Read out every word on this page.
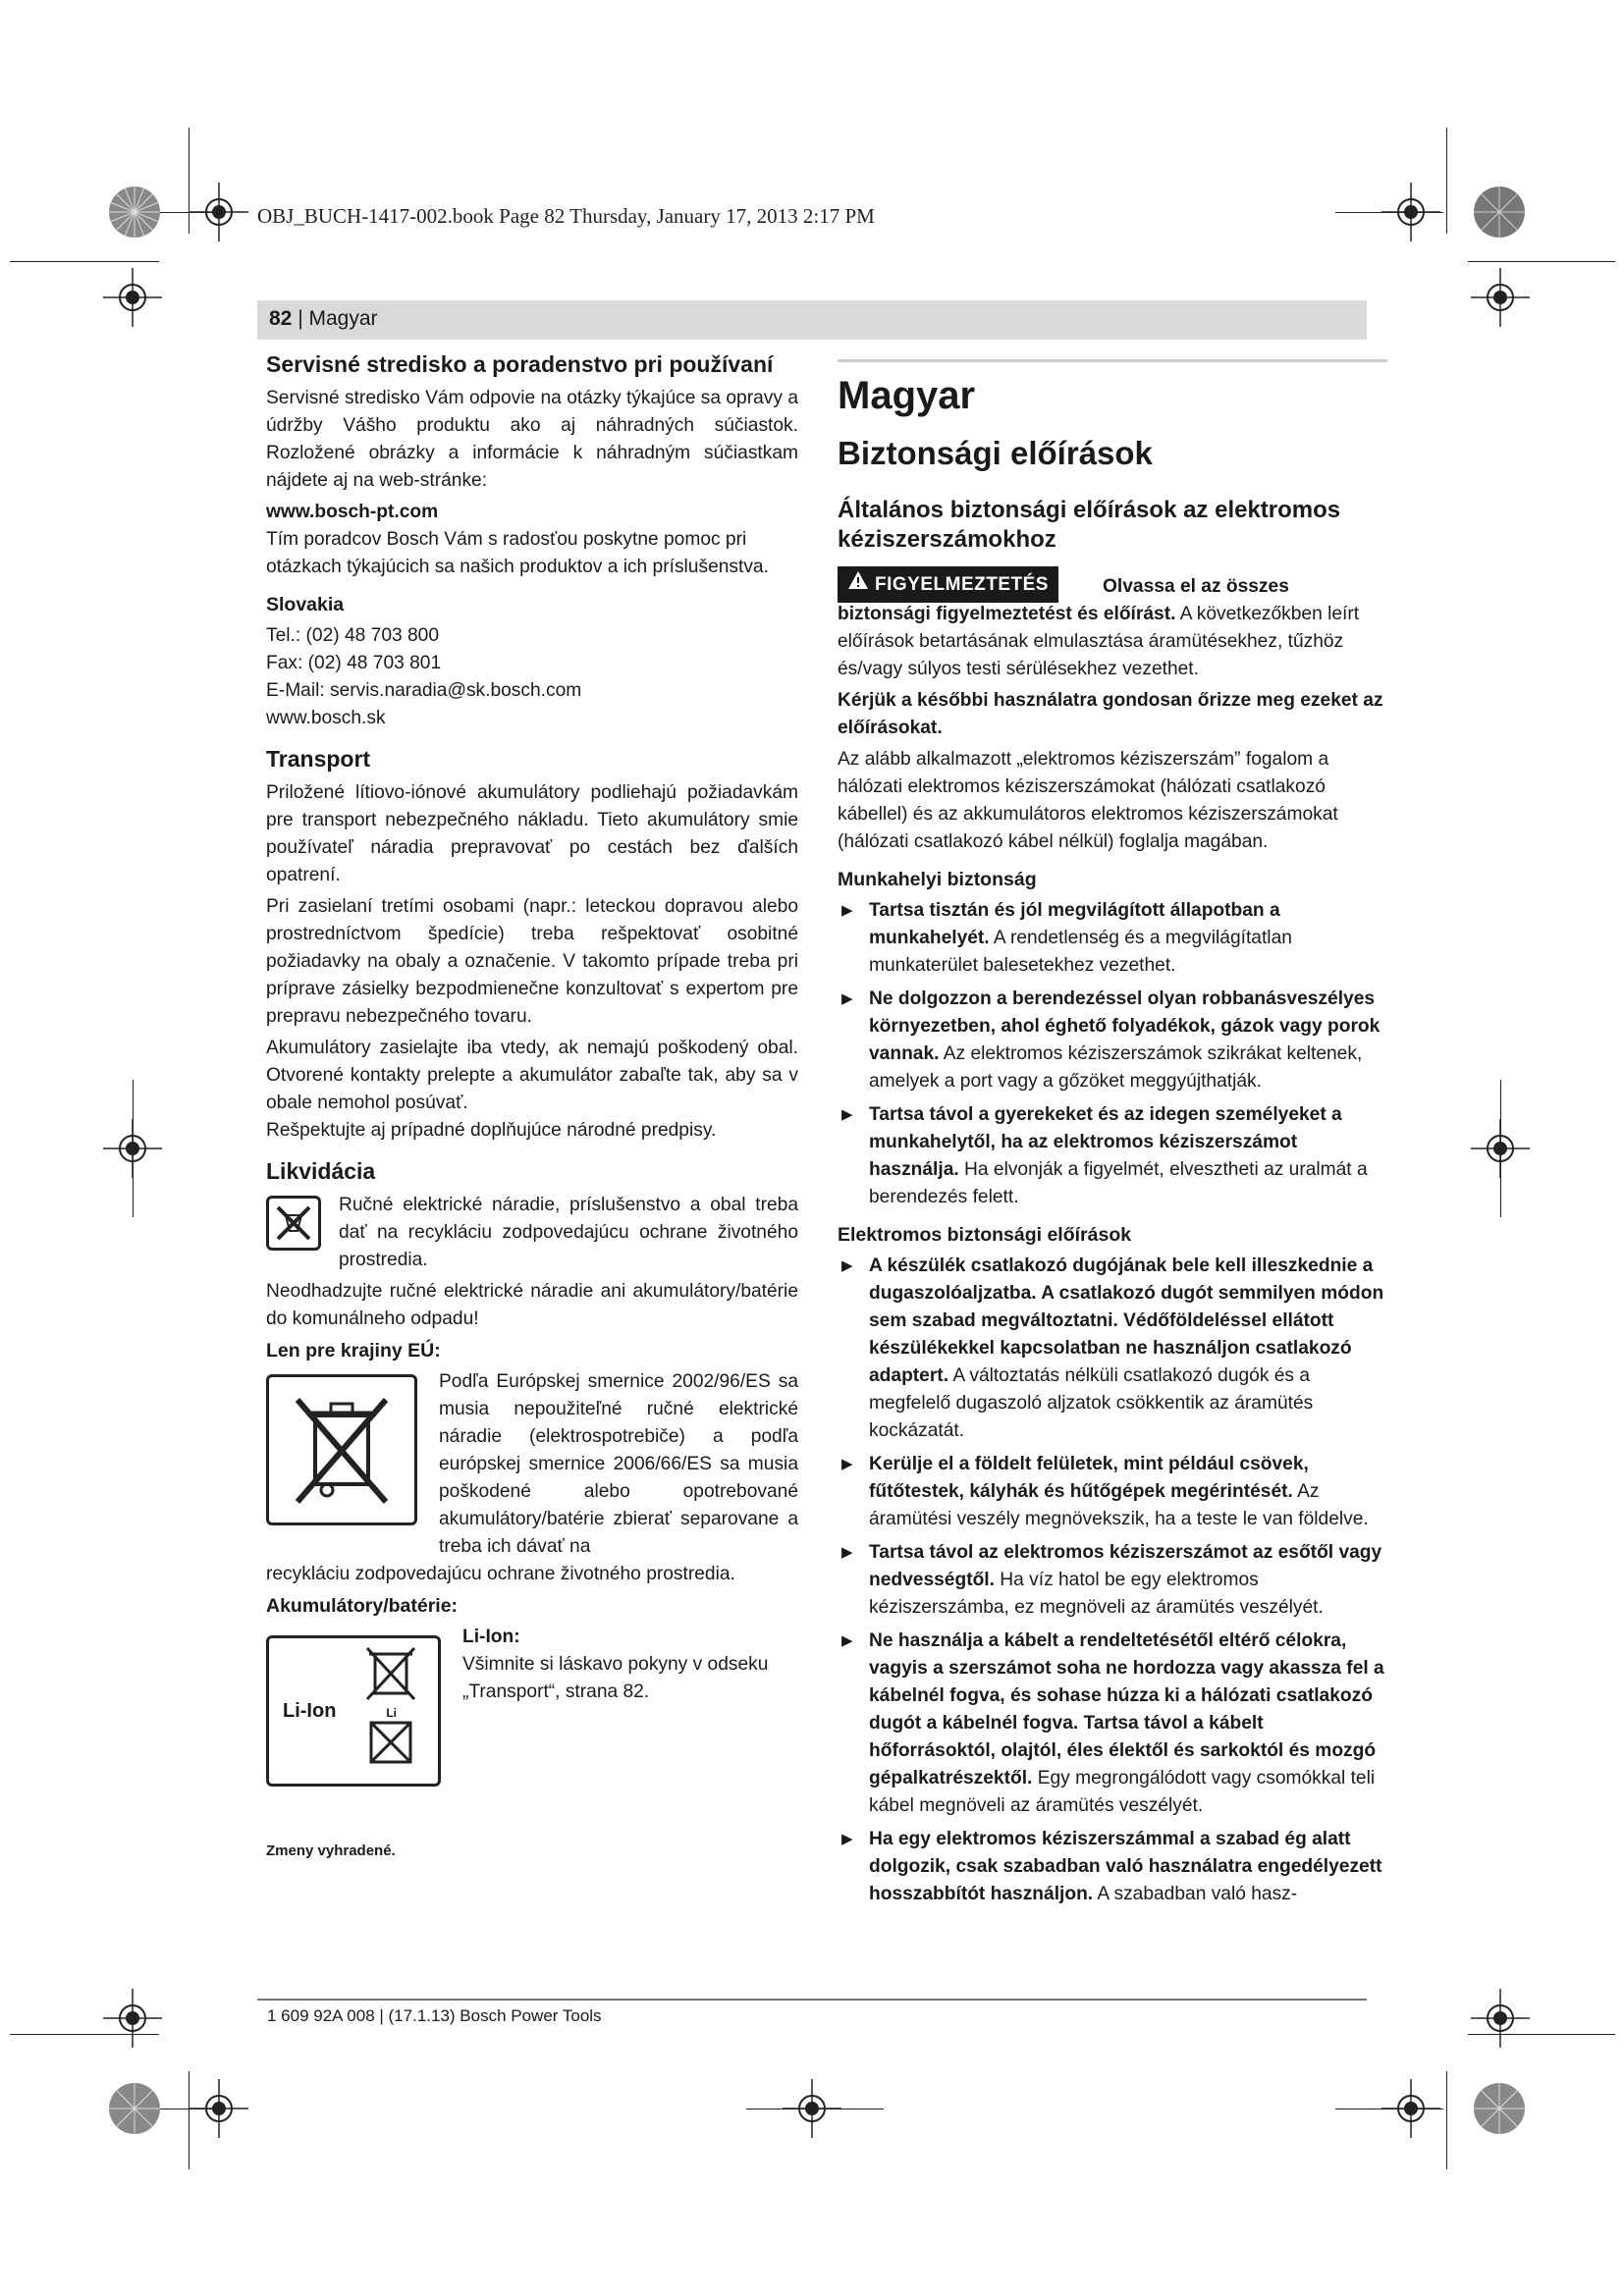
OBJ_BUCH-1417-002.book Page 82 Thursday, January 17, 2013 2:17 PM
82 | Magyar
Servisné stredisko a poradenstvo pri používaní

Servisné stredisko Vám odpovie na otázky týkajúce sa opravy a údržby Vášho produktu ako aj náhradných súčiastok. Rozložené obrázky a informácie k náhradným súčiastkam nájdete aj na web-stránke:

www.bosch-pt.com

Tím poradcov Bosch Vám s radosťou poskytne pomoc pri otázkach týkajúcich sa našich produktov a ich príslušenstva.

Slovakia

Tel.: (02) 48 703 800

Fax: (02) 48 703 801

E-Mail: servis.naradia@sk.bosch.com

www.bosch.sk

Transport

Priložené lítiovo-iónové akumulátory podliehajú požiadavkám pre transport nebezpečného nákladu. Tieto akumulátory smie používateľ náradia prepravovať po cestách bez ďalších opatrení.

Pri zasielaní tretími osobami (napr.: leteckou dopravou alebo prostredníctvom špedície) treba rešpektovať osobitné požiadavky na obaly a označenie. V takomto prípade treba pri príprave zásielky bezpodmienečne konzultovať s expertom pre prepravu nebezpečného tovaru.

Akumulátory zasielajte iba vtedy, ak nemajú poškodený obal. Otvorené kontakty prelepte a akumulátor zabaľte tak, aby sa v obale nemohol posúvať.

Rešpektujte aj prípadné doplňujúce národné predpisy.

Likvidácia

Ručné elektrické náradie, príslušenstvo a obal treba dať na recykláciu zodpovedajúcu ochrane životného prostredia.

Neodhadzujte ručné elektrické náradie ani akumulátory/batérie do komunálneho odpadu!

Len pre krajiny EÚ:

Podľa Európskej smernice 2002/96/ES sa musia nepoužiteľné ručné elektrické náradie (elektrospotrebiče) a podľa európskej smernice 2006/66/ES sa musia poškodené alebo opotrebované akumulátory/batérie zbierať separovane a treba ich dávať na

recykláciu zodpovedajúcu ochrane životného prostredia.

Akumulátory/batérie:
Li-Ion	Li

Li-Ion:

Všimnite si láskavo pokyny v odseku „Transport“, strana 82.

Zmeny vyhradené.

Magyar
Biztonsági előírások
Általános biztonsági előírások az elektromos kéziszerszámokhoz
FIGYELMEZTETÉS	Olvassa el az összes biztonsági figyelmeztetést és előírást. A következőkben leírt előírások betartásának elmulasztása áramütésekhez, tűzhöz és/vagy súlyos testi sérülésekhez vezethet.

Kérjük a későbbi használatra gondosan őrizze meg ezeket az előírásokat.

Az alább alkalmazott „elektromos kéziszerszám” fogalom a hálózati elektromos kéziszerszámokat (hálózati csatlakozó kábellel) és az akkumulátoros elektromos kéziszerszámokat (hálózati csatlakozó kábel nélkül) foglalja magában.

Munkahelyi biztonság
▶ Tartsa tisztán és jól megvilágított állapotban a munkahelyét. A rendetlenség és a megvilágítatlan munkaterület balesetekhez vezethet.
▶ Ne dolgozzon a berendezéssel olyan robbanásveszélyes környezetben, ahol éghető folyadékok, gázok vagy porok vannak. Az elektromos kéziszerszámok szikrákat keltenek, amelyek a port vagy a gőzöket meggyújthatják.
▶ Tartsa távol a gyerekeket és az idegen személyeket a munkahelytől, ha az elektromos kéziszerszámot használja. Ha elvonják a figyelmét, elvesztheti az uralmát a berendezés felett.
Elektromos biztonsági előírások
▶ A készülék csatlakozó dugójának bele kell illeszkednie a dugaszolóaljzatba. A csatlakozó dugót semmilyen módon sem szabad megváltoztatni. Védőföldeléssel ellátott készülékekkel kapcsolatban ne használjon csatlakozó adaptert. A változtatás nélküli csatlakozó dugók és a megfelelő dugaszoló aljzatok csökkentik az áramütés kockázatát.
▶ Kerülje el a földelt felületek, mint például csövek, fűtőtestek, kályhák és hűtőgépek megérintését. Az áramütési veszély megnövekszik, ha a teste le van földelve.
▶ Tartsa távol az elektromos kéziszerszámot az esőtől vagy nedvességtől. Ha víz hatol be egy elektromos kéziszerszámba, ez megnöveli az áramütés veszélyét.
▶ Ne használja a kábelt a rendeltetésétől eltérő célokra, vagyis a szerszámot soha ne hordozza vagy akassza fel a kábelnél fogva, és sohase húzza ki a hálózati csatlakozó dugót a kábelnél fogva. Tartsa távol a kábelt hőforrásoktól, olajtól, éles élektől és sarkoktól és mozgó gépalkatrészektől. Egy megrongálódott vagy csomókkal teli kábel megnöveli az áramütés veszélyét.
▶ Ha egy elektromos kéziszerszámmal a szabad ég alatt dolgozik, csak szabadban való használatra engedélyezett hosszabbítót használjon. A szabadban való hasz-
1 609 92A 008 | (17.1.13) Bosch Power Tools
